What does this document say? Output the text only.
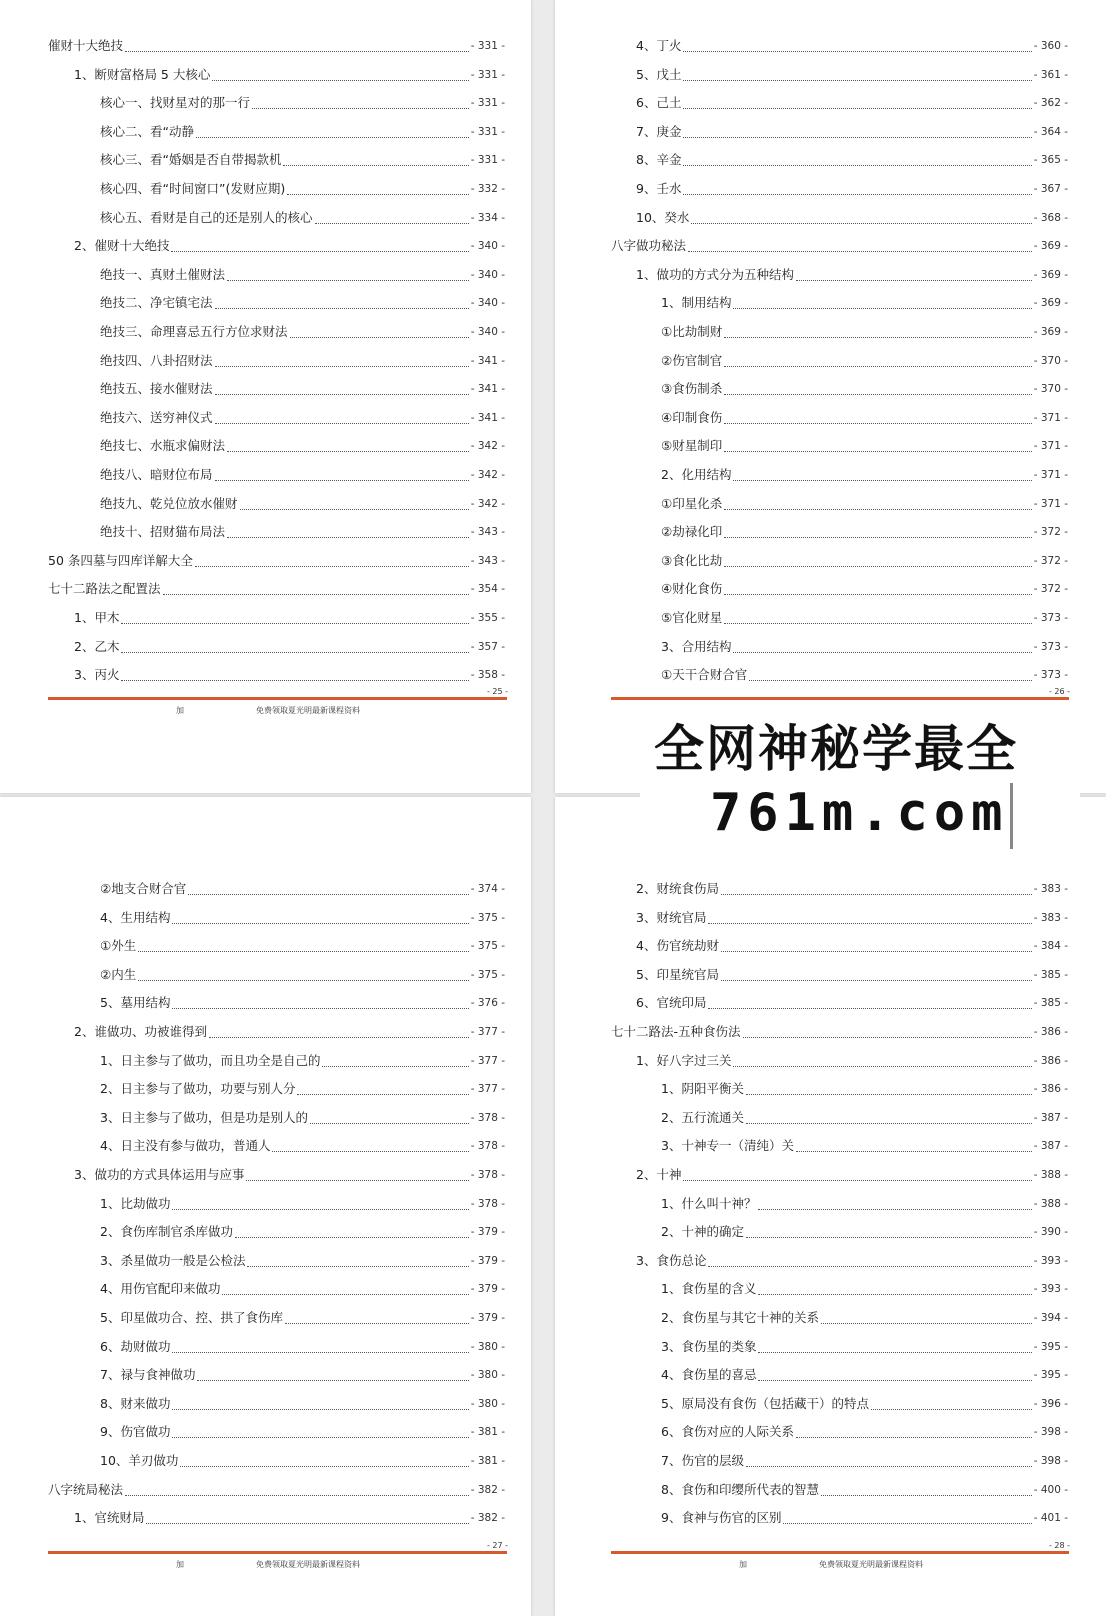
催财十大绝技	- 331 -
1、断财富格局 5 大核心	- 331 -
核心一、找财星对的那一行	- 331 -
核心二、看“动静	- 331 -
核心三、看“婚姻是否自带揭款机	- 331 -
核心四、看“时间窗口”(发财应期)	- 332 -
核心五、看财是自己的还是别人的核心	- 334 -
2、催财十大绝技	- 340 -
绝技一、真财土催财法	- 340 -
绝技二、净宅镇宅法	- 340 -
绝技三、命理喜忌五行方位求财法	- 340 -
绝技四、八卦招财法	- 341 -
绝技五、接水催财法	- 341 -
绝技六、送穷神仪式	- 341 -
绝技七、水瓶求偏财法	- 342 -
绝技八、暗财位布局	- 342 -
绝技九、乾兑位放水催财	- 342 -
绝技十、招财猫布局法	- 343 -
50 条四墓与四库详解大全	- 343 -
七十二路法之配置法	- 354 -
1、甲木	- 355 -
2、乙木	- 357 -
3、丙火	- 358 -
加	免费领取夏光明最新课程资料
- 25 -
4、丁火	- 360 -
5、戊土	- 361 -
6、己土	- 362 -
7、庚金	- 364 -
8、辛金	- 365 -
9、壬水	- 367 -
10、癸水	- 368 -
八字做功秘法	- 369 -
1、做功的方式分为五种结构	- 369 -
1、制用结构	- 369 -
①比劫制财	- 369 -
②伤官制官	- 370 -
③食伤制杀	- 370 -
④印制食伤	- 371 -
⑤财星制印	- 371 -
2、化用结构	- 371 -
①印星化杀	- 371 -
②劫禄化印	- 372 -
③食化比劫	- 372 -
④财化食伤	- 372 -
⑤官化财星	- 373 -
3、合用结构	- 373 -
①天干合财合官	- 373 -
- 26 -
②地支合财合官	- 374 -
4、生用结构	- 375 -
①外生	- 375 -
②内生	- 375 -
5、墓用结构	- 376 -
2、谁做功、功被谁得到	- 377 -
1、日主参与了做功，而且功全是自己的	- 377 -
2、日主参与了做功，功要与别人分	- 377 -
3、日主参与了做功，但是功是别人的	- 378 -
4、日主没有参与做功，普通人	- 378 -
3、做功的方式具体运用与应事	- 378 -
1、比劫做功	- 378 -
2、食伤库制官杀库做功	- 379 -
3、杀星做功一般是公检法	- 379 -
4、用伤官配印来做功	- 379 -
5、印星做功合、控、拱了食伤库	- 379 -
6、劫财做功	- 380 -
7、禄与食神做功	- 380 -
8、财来做功	- 380 -
9、伤官做功	- 381 -
10、羊刃做功	- 381 -
八字统局秘法	- 382 -
1、官统财局	- 382 -
加	免费领取夏光明最新课程资料
- 27 -
2、财统食伤局	- 383 -
3、财统官局	- 383 -
4、伤官统劫财	- 384 -
5、印星统官局	- 385 -
6、官统印局	- 385 -
七十二路法-五种食伤法	- 386 -
1、好八字过三关	- 386 -
1、阴阳平衡关	- 386 -
2、五行流通关	- 387 -
3、十神专一（清纯）关	- 387 -
2、十神	- 388 -
1、什么叫十神？	- 388 -
2、十神的确定	- 390 -
3、食伤总论	- 393 -
1、食伤星的含义	- 393 -
2、食伤星与其它十神的关系	- 394 -
3、食伤星的类象	- 395 -
4、食伤星的喜忌	- 395 -
5、原局没有食伤（包括藏干）的特点	- 396 -
6、食伤对应的人际关系	- 398 -
7、伤官的层级	- 398 -
8、食伤和印缨所代表的智慧	- 400 -
9、食神与伤官的区别	- 401 -
加	免费领取夏光明最新课程资料
- 28 -
全网神秘学最全
761m.com
